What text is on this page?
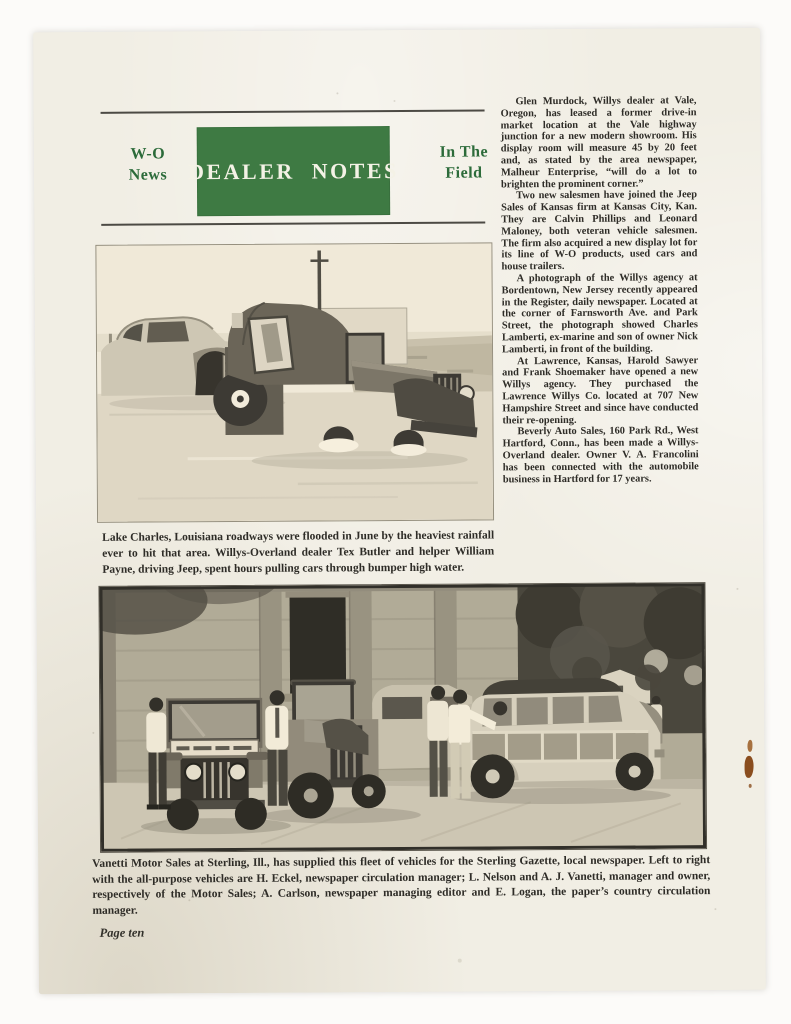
W-O
News DEALER NOTES
In The
Field

Glen Murdock, Willys dealer at Vale, Oregon, has leased a former drive-in market location at the Vale highway junction for a new modern showroom. His display room will measure 45 by 20 feet and, as stated by the area newspaper, Malheur Enterprise, “will do a lot to brighten the prominent corner.”

Two new salesmen have joined the Jeep Sales of Kansas firm at Kansas City, Kan. They are Calvin Phillips and Leonard Maloney, both veteran vehicle salesmen. The firm also acquired a new display lot for its line of W-O products, used cars and house trailers.

A photograph of the Willys agency at Bordentown, New Jersey recently appeared in the Register, daily newspaper. Located at the corner of Farnsworth Ave. and Park Street, the photograph showed Charles Lamberti, ex-marine and son of owner Nick Lamberti, in front of the building.

At Lawrence, Kansas, Harold Sawyer and Frank Shoemaker have opened a new Willys agency. They purchased the Lawrence Willys Co. located at 707 New Hampshire Street and since have conducted their re-opening.

Beverly Auto Sales, 160 Park Rd., West Hartford, Conn., has been made a Willys-Overland dealer. Owner V. A. Francolini has been connected with the automobile business in Hartford for 17 years.

Lake Charles, Louisiana roadways were flooded in June by the heaviest rainfall ever to hit that area. Willys-Overland dealer Tex Butler and helper William Payne, driving Jeep, spent hours pulling cars through bumper high water.
Vanetti Motor Sales at Sterling, Ill., has supplied this fleet of vehicles for the Sterling Gazette, local newspaper. Left to right with the all-purpose vehicles are H. Eckel, newspaper circulation manager; L. Nelson and A. J. Vanetti, manager and owner, respectively of the Motor Sales; A. Carlson, newspaper managing editor and E. Logan, the paper’s country circulation manager.
Page ten
